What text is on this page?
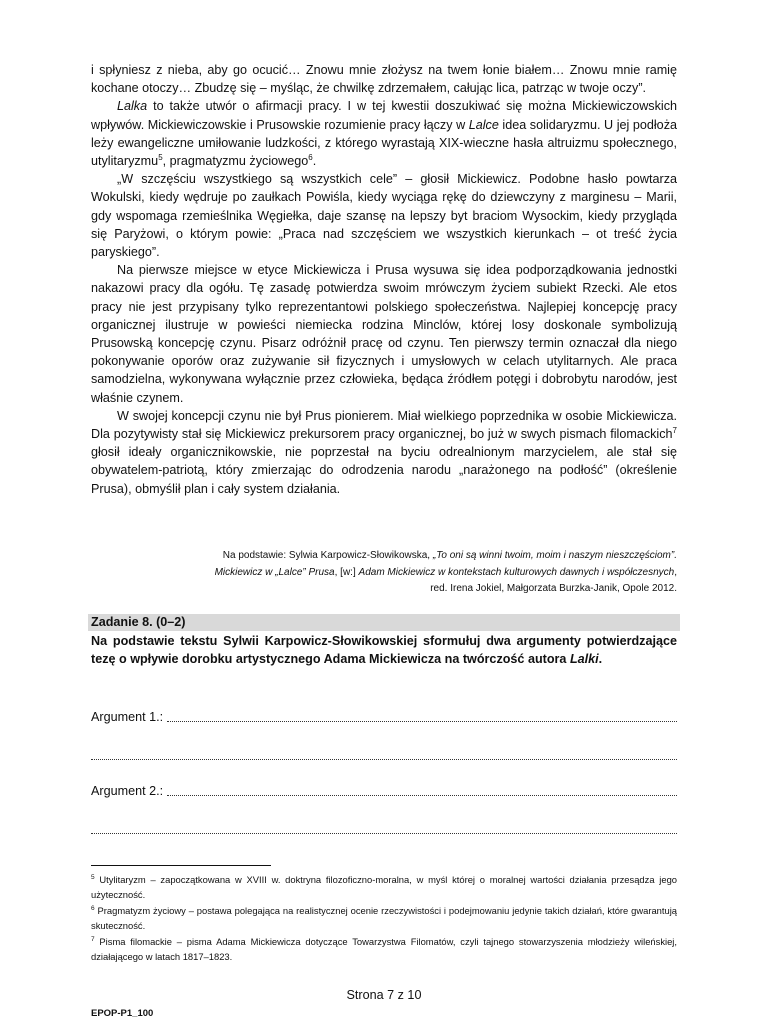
i spłyniesz z nieba, aby go ocucić… Znowu mnie złożysz na twem łonie białem… Znowu mnie ramię kochane otoczy… Zbudzę się – myśląc, że chwilkę zdrzemałem, całując lica, patrząc w twoje oczy”.

Lalka to także utwór o afirmacji pracy. I w tej kwestii doszukiwać się można Mickiewiczowskich wpływów. Mickiewiczowskie i Prusowskie rozumienie pracy łączy w Lalce idea solidaryzmu. U jej podłoża leży ewangeliczne umiłowanie ludzkości, z którego wyrastają XIX-wieczne hasła altruizmu społecznego, utylitaryzmu$^5$, pragmatyzmu życiowego$^6$.

„W szczęściu wszystkiego są wszystkich cele” – głosił Mickiewicz. Podobne hasło powtarza Wokulski, kiedy wędruje po zaułkach Powiśla, kiedy wyciąga rękę do dziewczyny z marginesu – Marii, gdy wspomaga rzemieślnika Węgiełka, daje szansę na lepszy byt braciom Wysockim, kiedy przygląda się Paryżowi, o którym powie: „Praca nad szczęściem we wszystkich kierunkach – ot treść życia paryskiego”.

Na pierwsze miejsce w etyce Mickiewicza i Prusa wysuwa się idea podporządkowania jednostki nakazowi pracy dla ogółu. Tę zasadę potwierdza swoim mrówczym życiem subiekt Rzecki. Ale etos pracy nie jest przypisany tylko reprezentantowi polskiego społeczeństwa. Najlepiej koncepcję pracy organicznej ilustruje w powieści niemiecka rodzina Minclów, której losy doskonale symbolizują Prusowską koncepcję czynu. Pisarz odróżnił pracę od czynu. Ten pierwszy termin oznaczał dla niego pokonywanie oporów oraz zużywanie sił fizycznych i umysłowych w celach utylitarnych. Ale praca samodzielna, wykonywana wyłącznie przez człowieka, będąca źródłem potęgi i dobrobytu narodów, jest właśnie czynem.

W swojej koncepcji czynu nie był Prus pionierem. Miał wielkiego poprzednika w osobie Mickiewicza. Dla pozytywisty stał się Mickiewicz prekursorem pracy organicznej, bo już w swych pismach filomackich$^7$ głosił ideały organicznikowskie, nie poprzestał na byciu odrealnionym marzycielem, ale stał się obywatelem-patriotą, który zmierzając do odrodzenia narodu „narażonego na podłość” (określenie Prusa), obmyślił plan i cały system działania.

Na podstawie: Sylwia Karpowicz-Słowikowska, „To oni są winni twoim, moim i naszym nieszczęściom”.
Mickiewicz w „Lalce” Prusa, [w:] Adam Mickiewicz w kontekstach kulturowych dawnych i współczesnych,
red. Irena Jokiel, Małgorzata Burzka-Janik, Opole 2012.
Zadanie 8. (0–2)
Na podstawie tekstu Sylwii Karpowicz-Słowikowskiej sformułuj dwa argumenty potwierdzające tezę o wpływie dorobku artystycznego Adama Mickiewicza na twórczość autora Lalki.
Argument 1.:
Argument 2.:

$^5$ Utylitaryzm – zapoczątkowana w XVIII w. doktryna filozoficzno-moralna, w myśl której o moralnej wartości działania przesądza jego użyteczność.

$^6$ Pragmatyzm życiowy – postawa polegająca na realistycznej ocenie rzeczywistości i podejmowaniu jedynie takich działań, które gwarantują skuteczność.

$^7$ Pisma filomackie – pisma Adama Mickiewicza dotyczące Towarzystwa Filomatów, czyli tajnego stowarzyszenia młodzieży wileńskiej, działającego w latach 1817–1823.

Strona 7 z 10
EPOP-P1_100
